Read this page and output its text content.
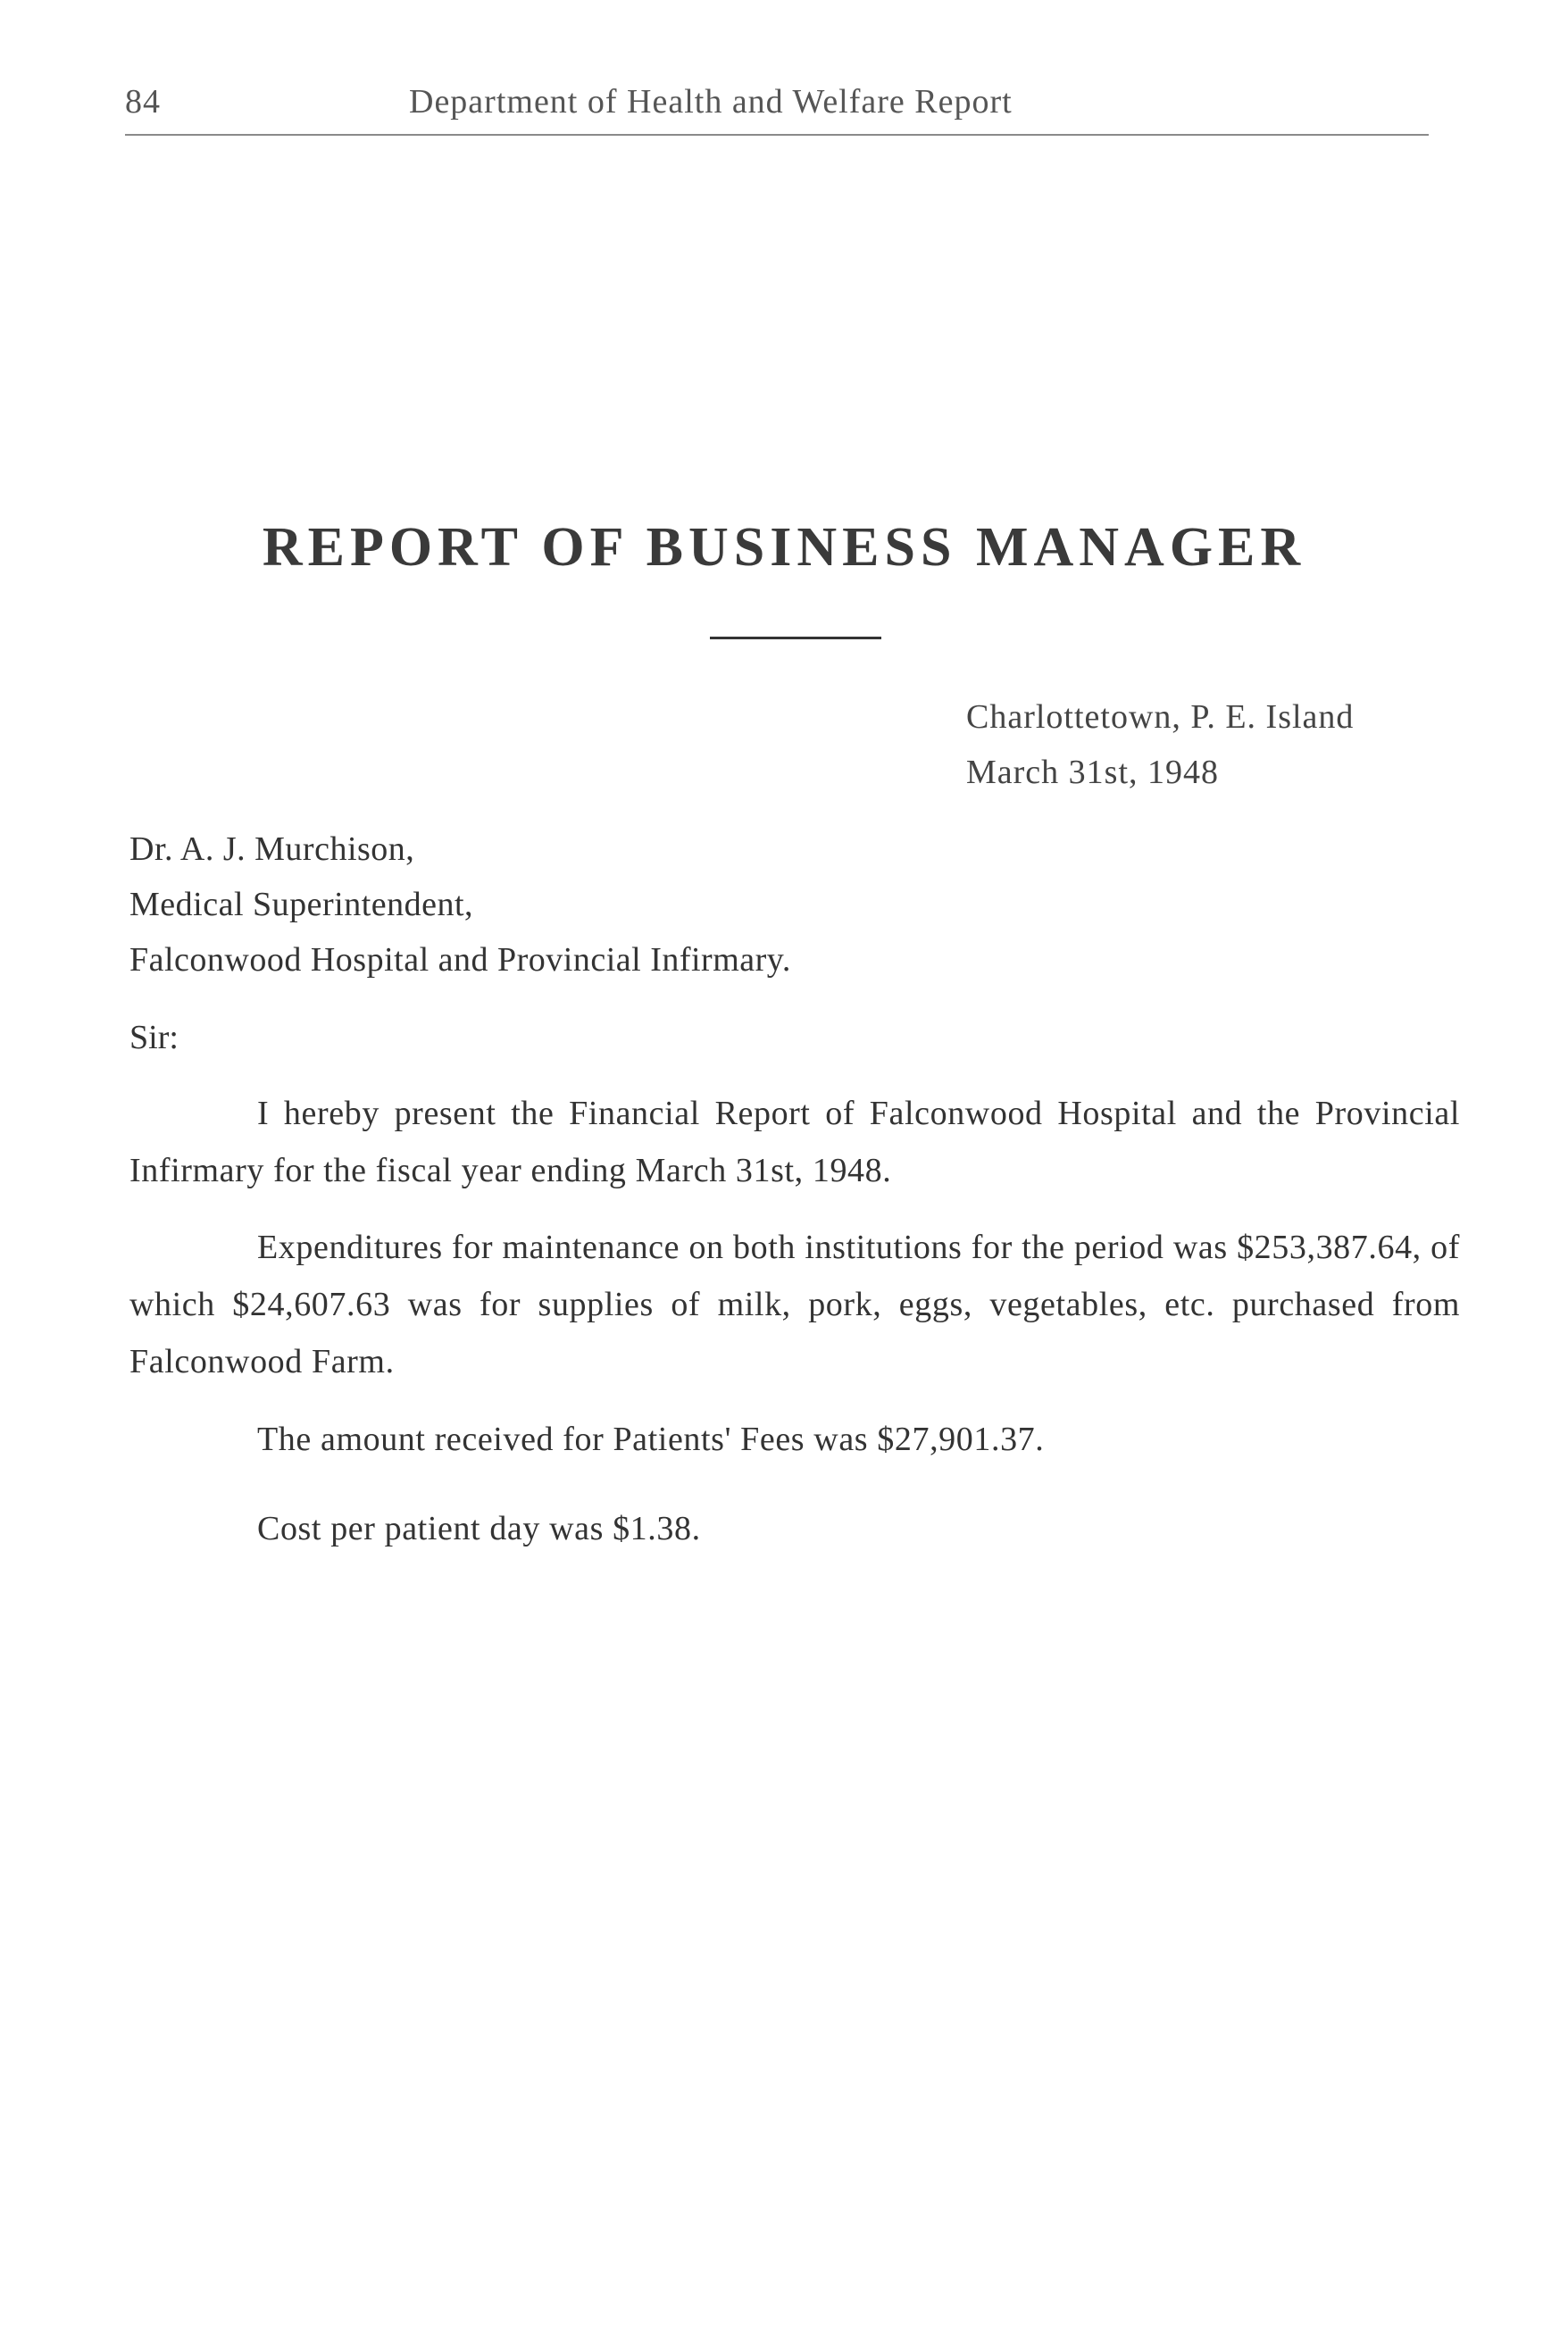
84	Department of Health and Welfare Report
REPORT OF BUSINESS MANAGER
Charlottetown, P. E. Island
March 31st, 1948
Dr. A. J. Murchison,
Medical Superintendent,
Falconwood Hospital and Provincial Infirmary.
Sir:
I hereby present the Financial Report of Falconwood Hospital and the Provincial Infirmary for the fiscal year ending March 31st, 1948.
Expenditures for maintenance on both institutions for the period was $253,387.64, of which $24,607.63 was for supplies of milk, pork, eggs, vegetables, etc. purchased from Falconwood Farm.
The amount received for Patients' Fees was $27,901.37.
Cost per patient day was $1.38.
